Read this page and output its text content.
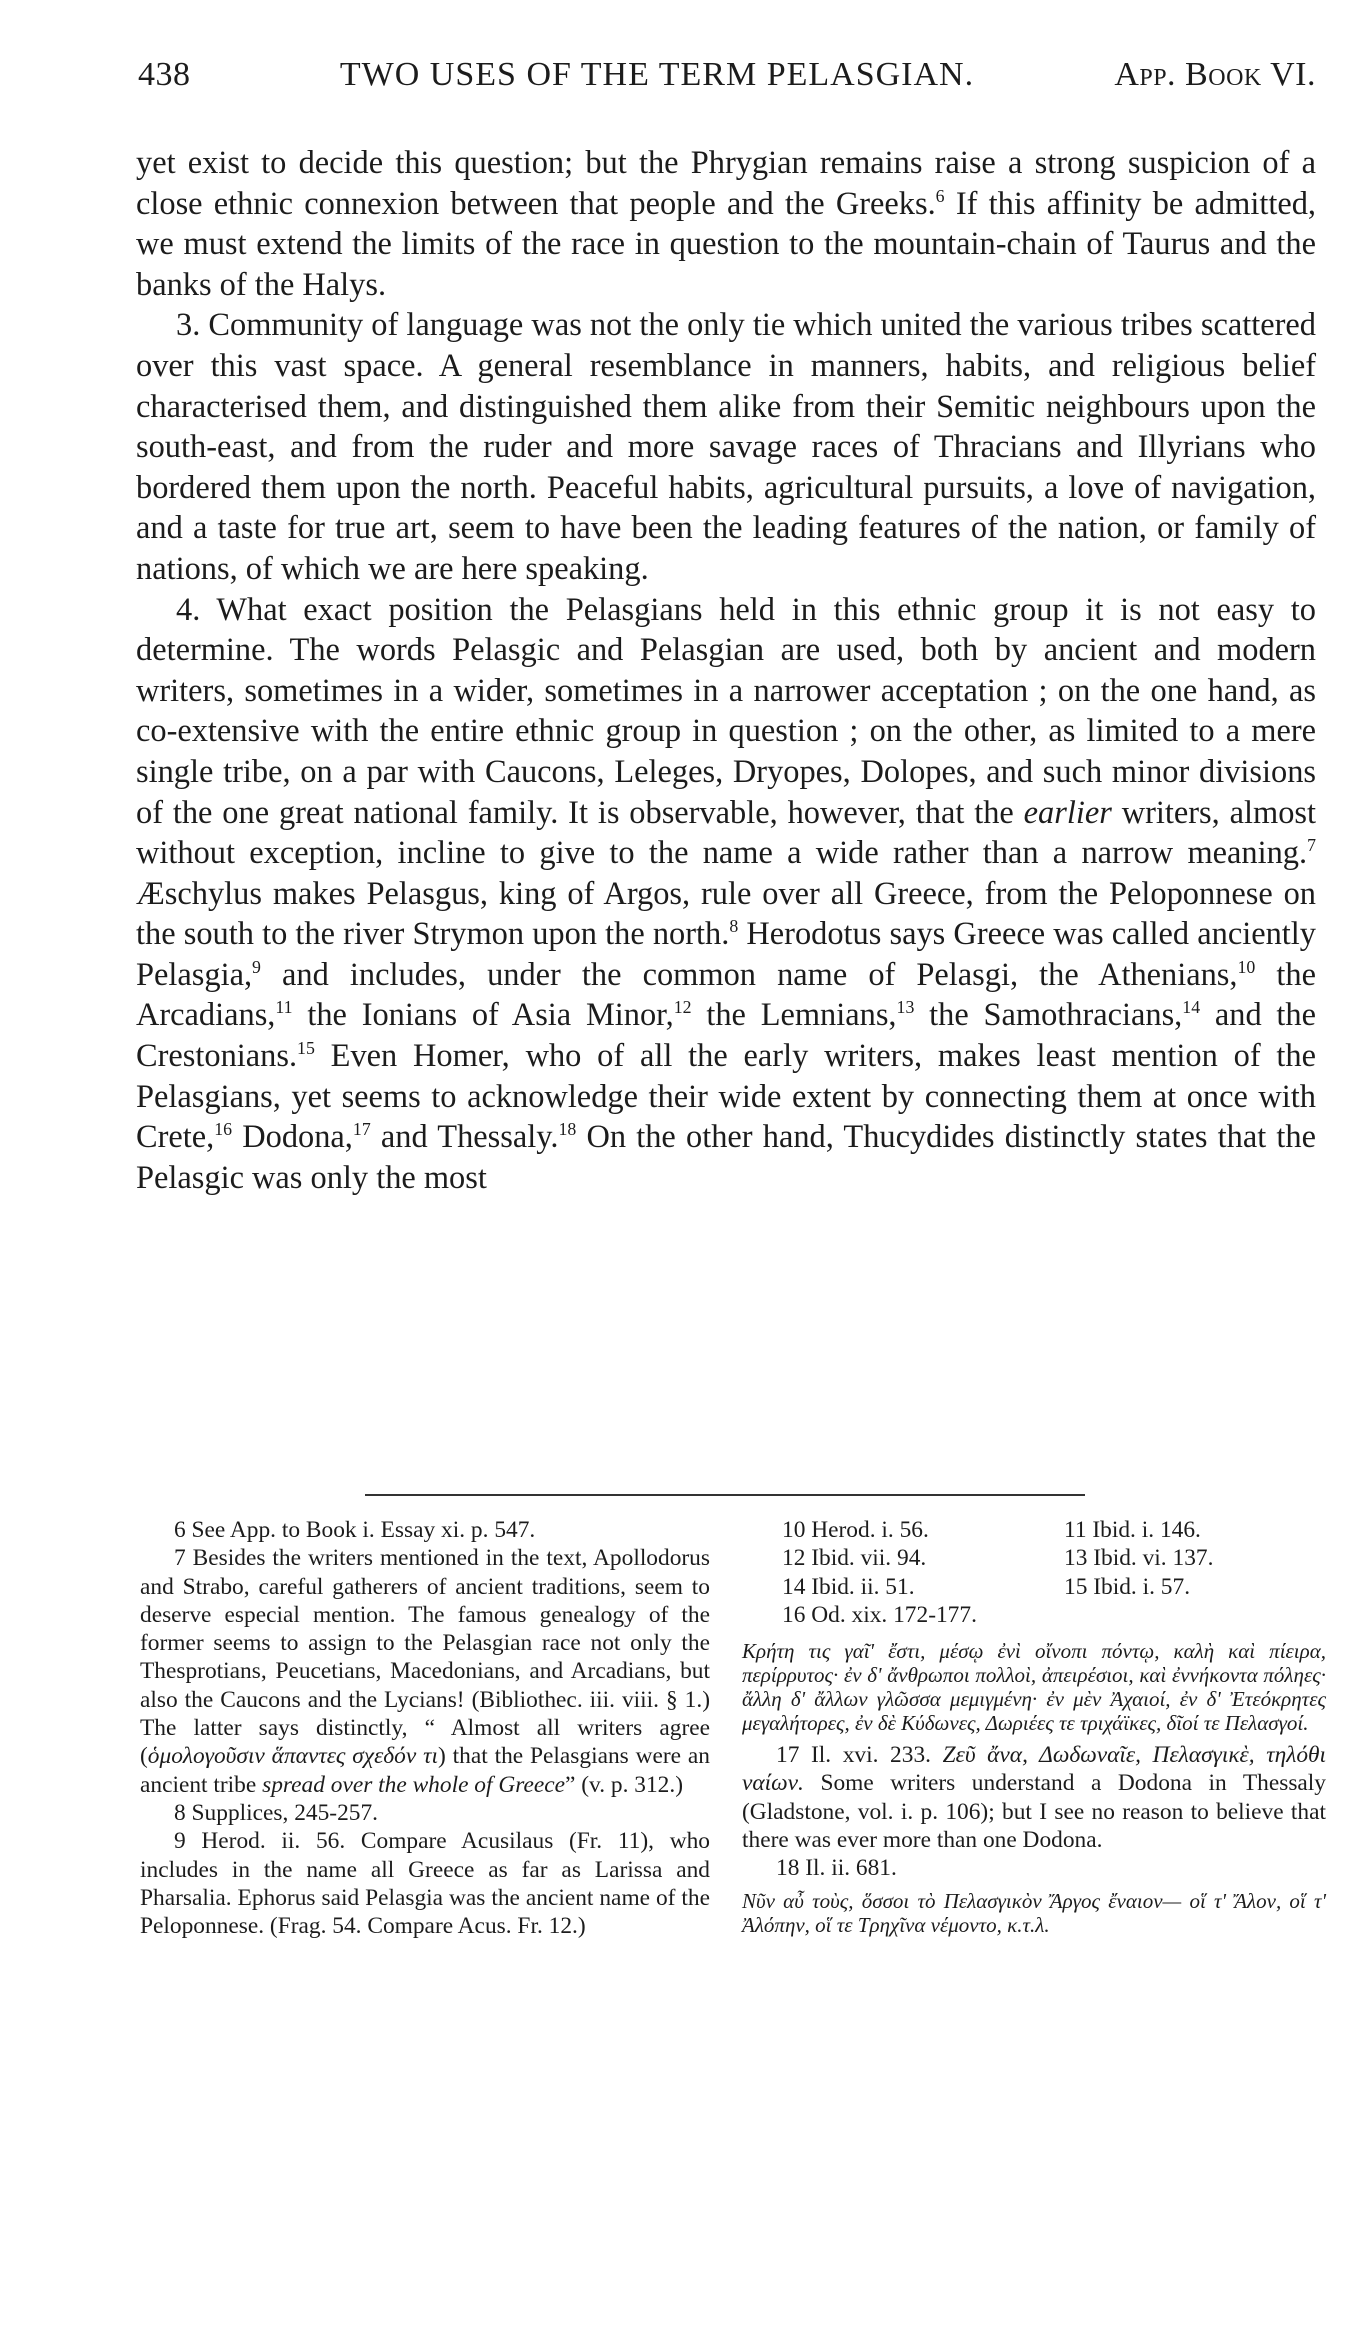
438	TWO USES OF THE TERM PELASGIAN.	App. Book VI.

yet exist to decide this question; but the Phrygian remains raise a strong suspicion of a close ethnic connexion between that people and the Greeks.$^6$ If this affinity be admitted, we must extend the limits of the race in question to the mountain-chain of Taurus and the banks of the Halys.

3. Community of language was not the only tie which united the various tribes scattered over this vast space. A general resemblance in manners, habits, and religious belief characterised them, and distinguished them alike from their Semitic neighbours upon the south-east, and from the ruder and more savage races of Thracians and Illyrians who bordered them upon the north. Peaceful habits, agricultural pursuits, a love of navigation, and a taste for true art, seem to have been the leading features of the nation, or family of nations, of which we are here speaking.

4. What exact position the Pelasgians held in this ethnic group it is not easy to determine. The words Pelasgic and Pelasgian are used, both by ancient and modern writers, sometimes in a wider, sometimes in a narrower acceptation ; on the one hand, as co-extensive with the entire ethnic group in question ; on the other, as limited to a mere single tribe, on a par with Caucons, Leleges, Dryopes, Dolopes, and such minor divisions of the one great national family. It is observable, however, that the earlier writers, almost without exception, incline to give to the name a wide rather than a narrow meaning.$^7$ Æschylus makes Pelasgus, king of Argos, rule over all Greece, from the Peloponnese on the south to the river Strymon upon the north.$^8$ Herodotus says Greece was called anciently Pelasgia,$^9$ and includes, under the common name of Pelasgi, the Athenians,$^{10}$ the Arcadians,$^{11}$ the Ionians of Asia Minor,$^{12}$ the Lemnians,$^{13}$ the Samothracians,$^{14}$ and the Crestonians.$^{15}$ Even Homer, who of all the early writers, makes least mention of the Pelasgians, yet seems to acknowledge their wide extent by connecting them at once with Crete,$^{16}$ Dodona,$^{17}$ and Thessaly.$^{18}$ On the other hand, Thucydides distinctly states that the Pelasgic was only the most

6 See App. to Book i. Essay xi. p. 547.

7 Besides the writers mentioned in the text, Apollodorus and Strabo, careful gatherers of ancient traditions, seem to deserve especial mention. The famous genealogy of the former seems to assign to the Pelasgian race not only the Thesprotians, Peucetians, Macedonians, and Arcadians, but also the Caucons and the Lycians! (Bibliothec. iii. viii. § 1.) The latter says distinctly, “ Almost all writers agree (ὁμολογοῦσιν ἅπαντες σχεδόν τι) that the Pelasgians were an ancient tribe spread over the whole of Greece” (v. p. 312.)

8 Supplices, 245-257.

9 Herod. ii. 56. Compare Acusilaus (Fr. 11), who includes in the name all Greece as far as Larissa and Pharsalia. Ephorus said Pelasgia was the ancient name of the Peloponnese. (Frag. 54. Compare Acus. Fr. 12.)

10 Herod. i. 56.	11 Ibid. i. 146.
12 Ibid. vii. 94.	13 Ibid. vi. 137.
14 Ibid. ii. 51.	15 Ibid. i. 57.
16 Od. xix. 172-177.
Κρήτη τις γαῖ' ἔστι, μέσῳ ἐνὶ οἴνοπι πόντῳ, καλὴ καὶ πίειρα, περίρρυτος· ἐν δ' ἄνθρωποι πολλοὶ, ἀπειρέσιοι, καὶ ἐννήκοντα πόληες· ἄλλη δ' ἄλλων γλῶσσα μεμιγμένη· ἐν μὲν Ἀχαιοί, ἐν δ' Ἐτεόκρητες μεγαλήτορες, ἐν δὲ Κύδωνες, Δωριέες τε τριχάϊκες, δῖοί τε Πελασγοί.

17 Il. xvi. 233. Ζεῦ ἄνα, Δωδωναῖε, Πελασγικὲ, τηλόθι ναίων. Some writers understand a Dodona in Thessaly (Gladstone, vol. i. p. 106); but I see no reason to believe that there was ever more than one Dodona.

18 Il. ii. 681.

Νῦν αὖ τοὺς, ὅσσοι τὸ Πελασγικὸν Ἄργος ἔναιον— οἵ τ' Ἄλον, οἵ τ' Ἀλόπην, οἵ τε Τρηχῖνα νέμοντο, κ.τ.λ.
